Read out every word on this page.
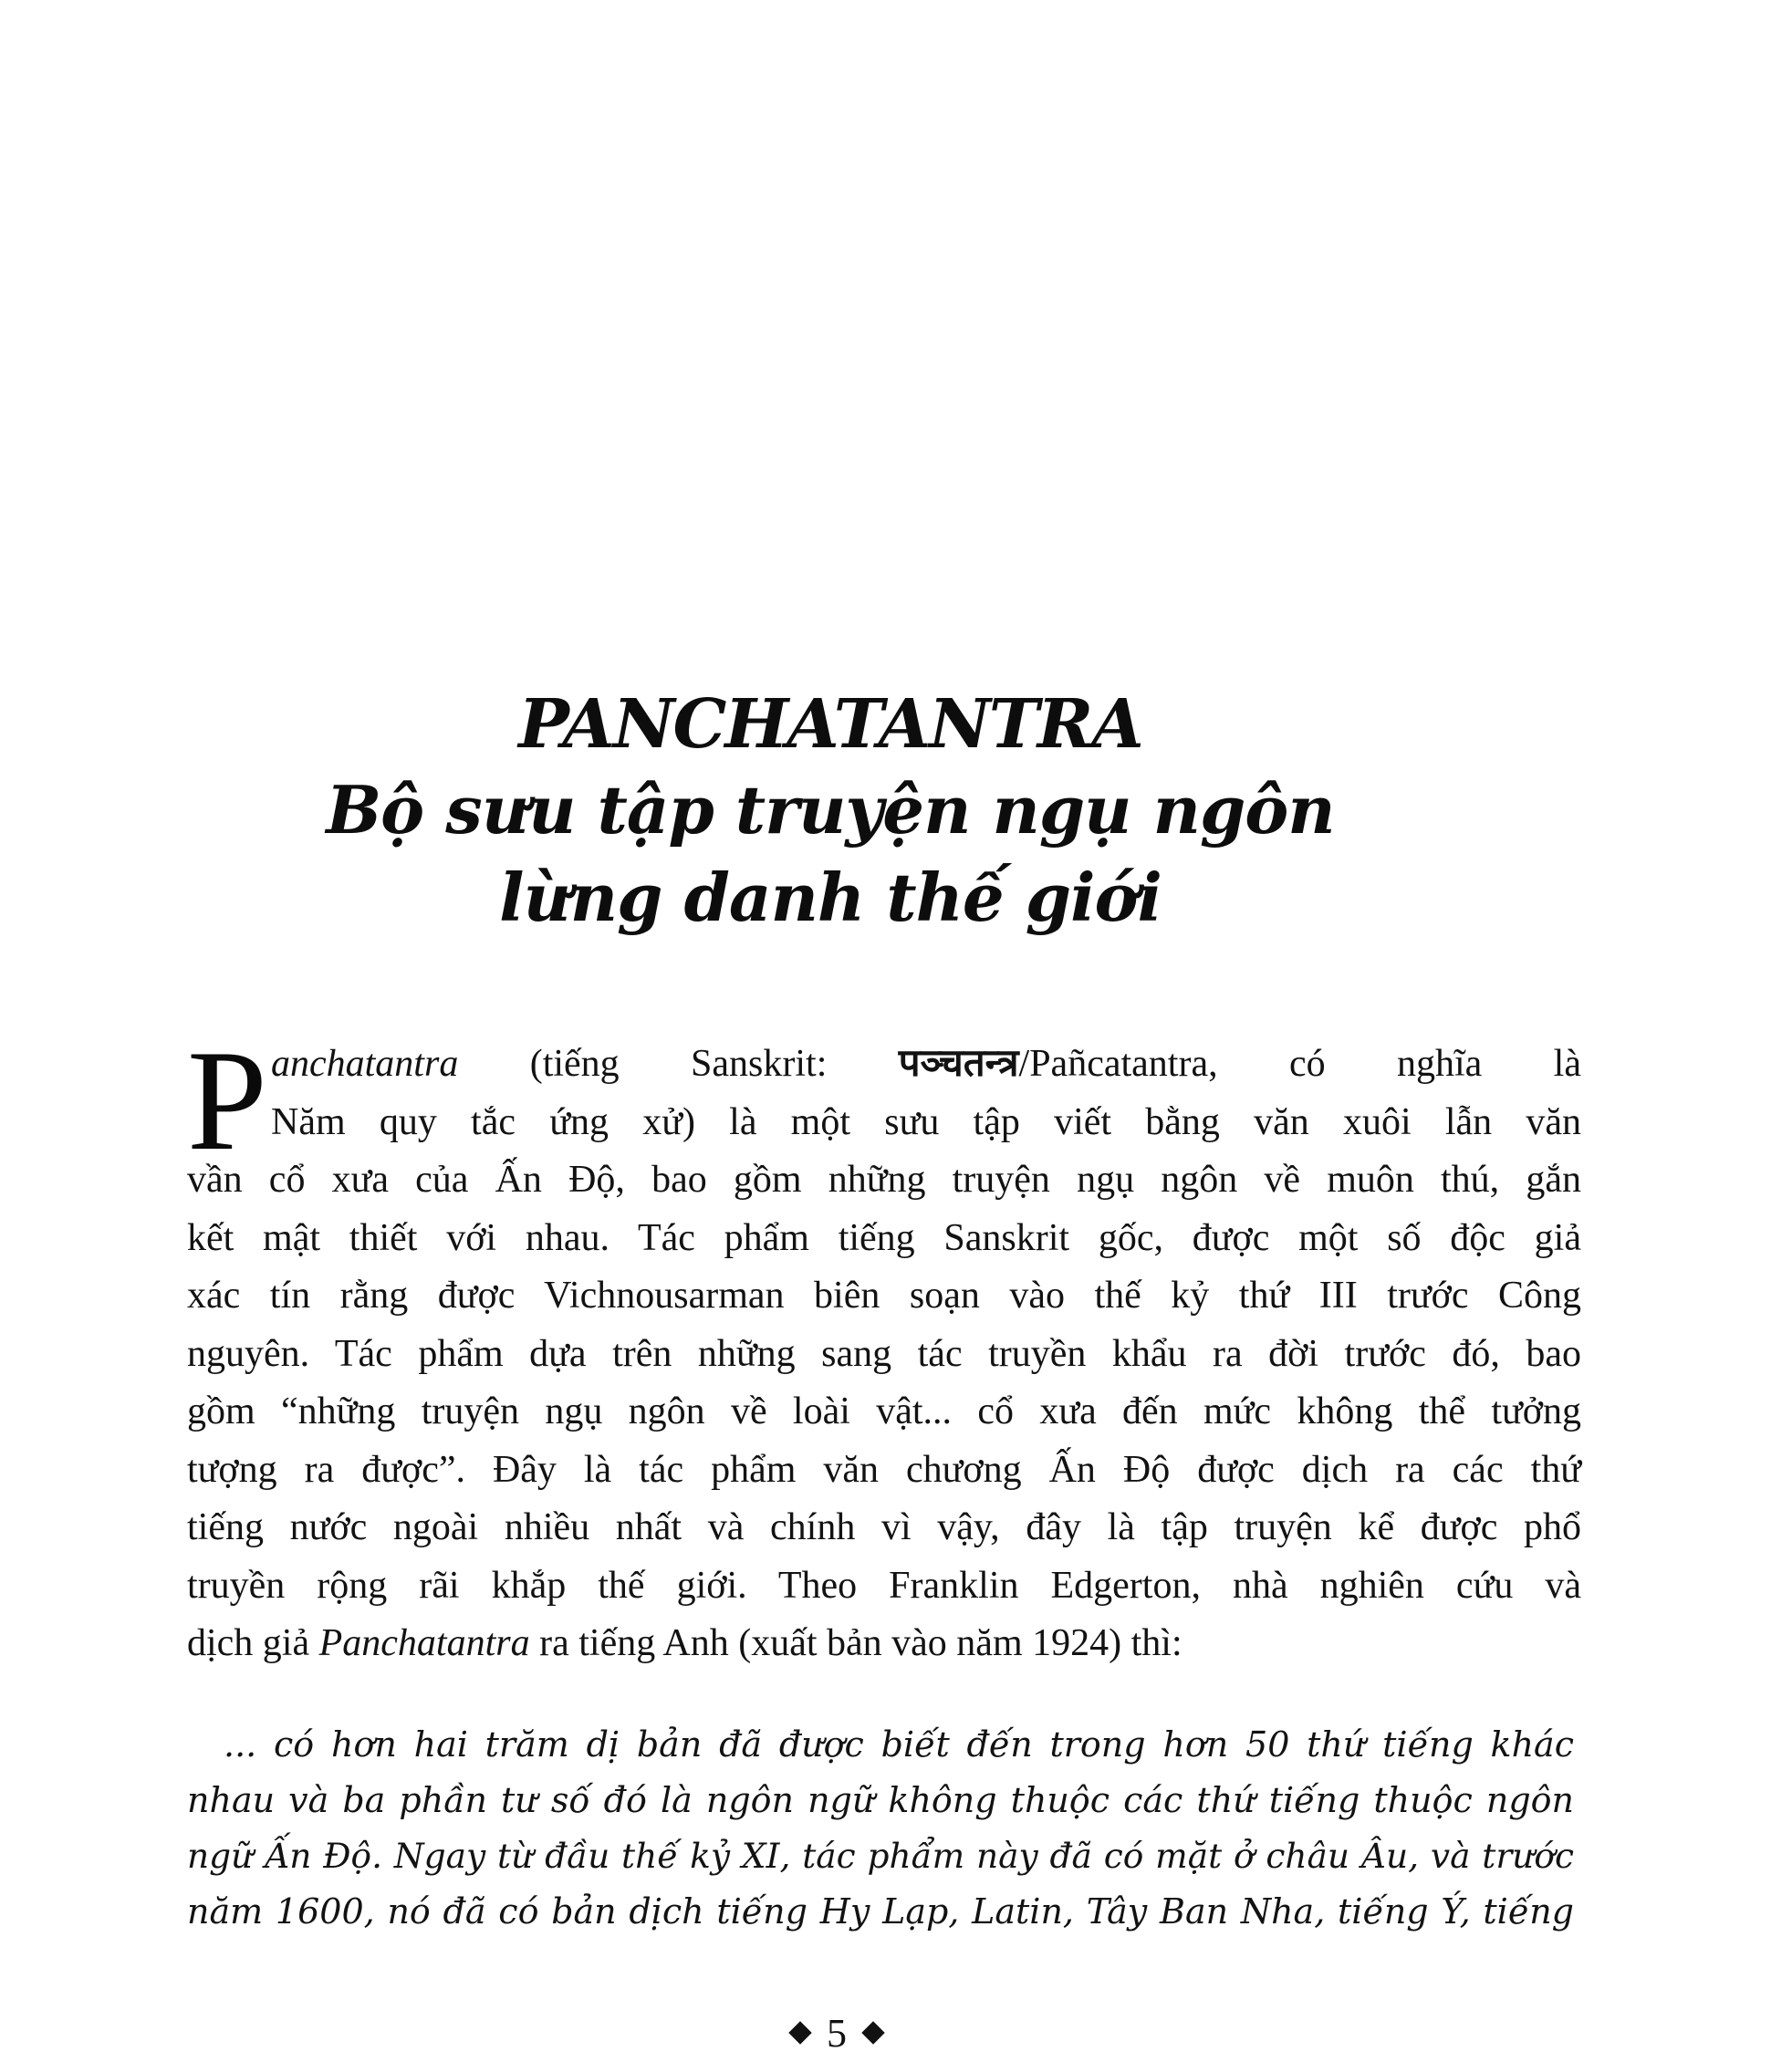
PANCHATANTRA
Bộ sưu tập truyện ngụ ngôn
lừng danh thế giới
P anchatantra (tiếng Sanskrit: पञ्चतन्त्र/Pañcatantra, có nghĩa là
Năm quy tắc ứng xử) là một sưu tập viết bằng văn xuôi lẫn văn
vần cổ xưa của Ấn Độ, bao gồm những truyện ngụ ngôn về muôn thú, gắn
kết mật thiết với nhau. Tác phẩm tiếng Sanskrit gốc, được một số độc giả
xác tín rằng được Vichnousarman biên soạn vào thế kỷ thứ III trước Công
nguyên. Tác phẩm dựa trên những sang tác truyền khẩu ra đời trước đó, bao
gồm “những truyện ngụ ngôn về loài vật... cổ xưa đến mức không thể tưởng
tượng ra được”. Đây là tác phẩm văn chương Ấn Độ được dịch ra các thứ
tiếng nước ngoài nhiều nhất và chính vì vậy, đây là tập truyện kể được phổ
truyền rộng rãi khắp thế giới. Theo Franklin Edgerton, nhà nghiên cứu và
dịch giả Panchatantra ra tiếng Anh (xuất bản vào năm 1924) thì:
... có hơn hai trăm dị bản đã được biết đến trong hơn 50 thứ tiếng khác
nhau và ba phần tư số đó là ngôn ngữ không thuộc các thứ tiếng thuộc ngôn
ngữ Ấn Độ. Ngay từ đầu thế kỷ XI, tác phẩm này đã có mặt ở châu Âu, và trước
năm 1600, nó đã có bản dịch tiếng Hy Lạp, Latin, Tây Ban Nha, tiếng Ý, tiếng
5
